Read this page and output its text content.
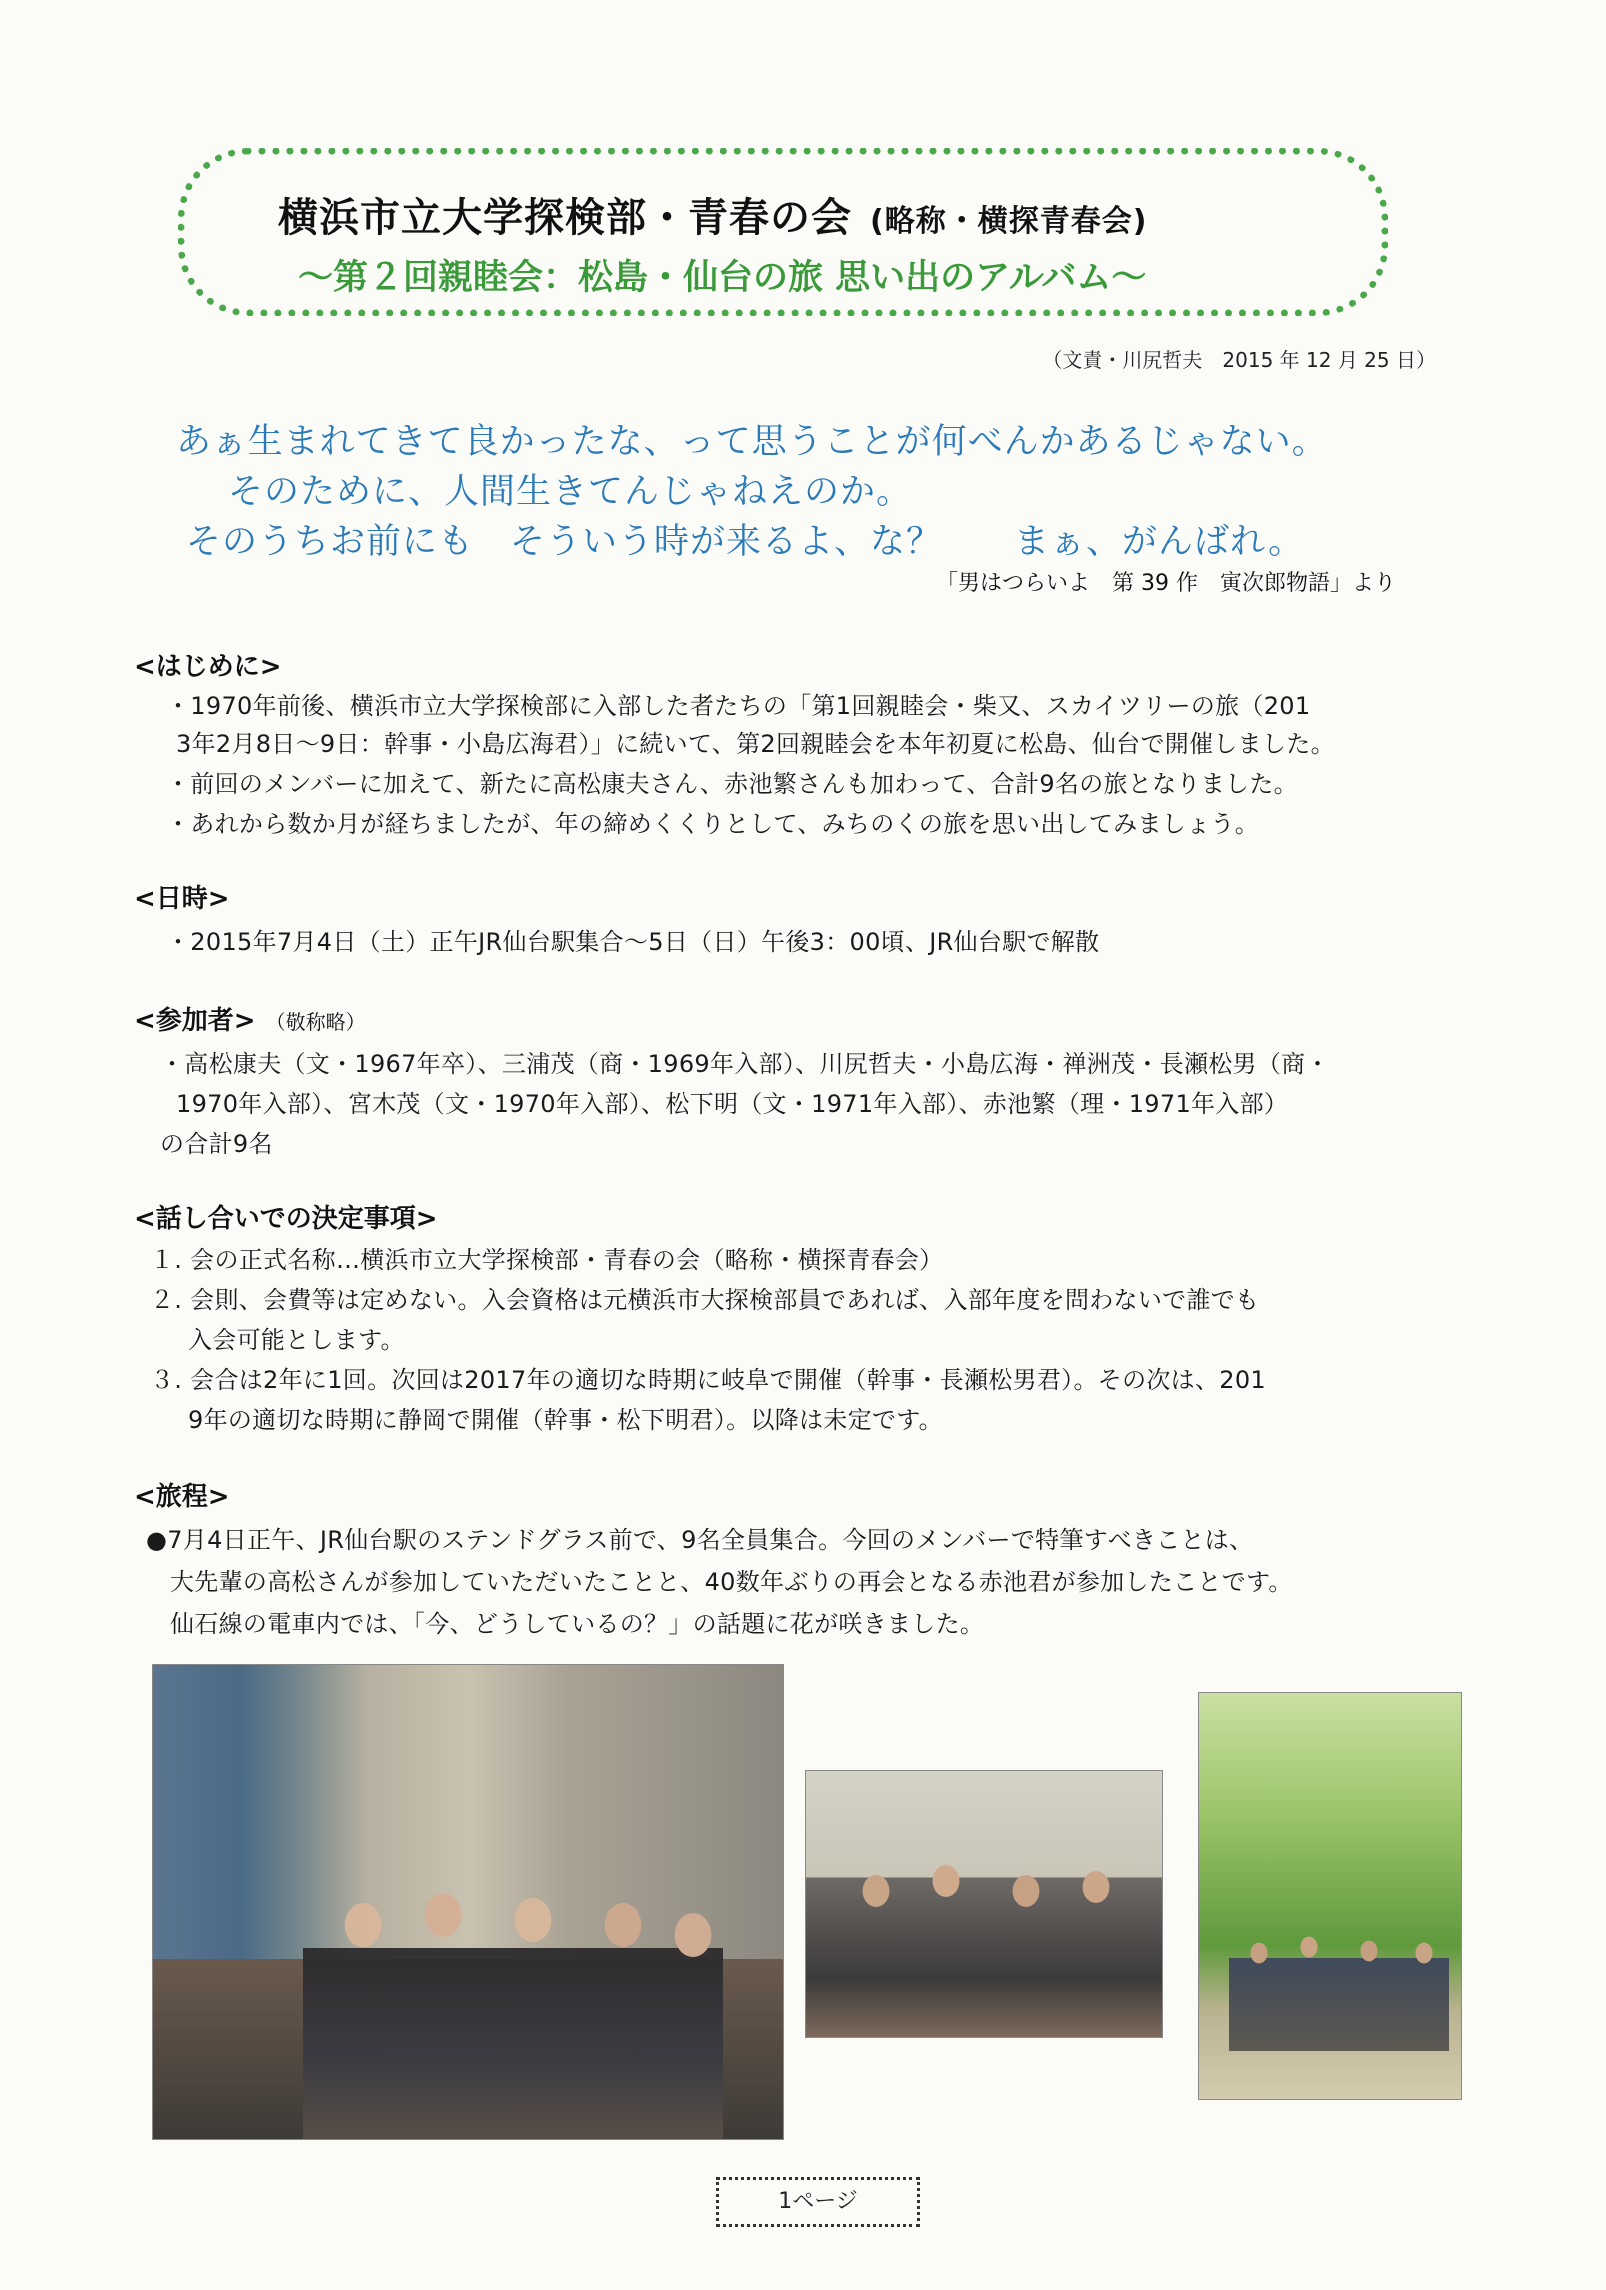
横浜市立大学探検部・青春の会 (略称・横探青春会)
～第２回親睦会：松島・仙台の旅 思い出のアルバム～
（文責・川尻哲夫　2015 年 12 月 25 日）
あぁ生まれてきて良かったな、って思うことが何べんかあるじゃない。
そのために、人間生きてんじゃねえのか。
そのうちお前にも　そういう時が来るよ、な？　　まぁ、がんばれ。
「男はつらいよ　第 39 作　寅次郎物語」より
<はじめに>
・1970年前後、横浜市立大学探検部に入部した者たちの「第1回親睦会・柴又、スカイツリーの旅（201
3年2月8日～9日：幹事・小島広海君）」に続いて、第2回親睦会を本年初夏に松島、仙台で開催しました。
・前回のメンバーに加えて、新たに高松康夫さん、赤池繁さんも加わって、合計9名の旅となりました。
・あれから数か月が経ちましたが、年の締めくくりとして、みちのくの旅を思い出してみましょう。
<日時>
・2015年7月4日（土）正午JR仙台駅集合～5日（日）午後3：00頃、JR仙台駅で解散
<参加者> （敬称略）
・高松康夫（文・1967年卒）、三浦茂（商・1969年入部）、川尻哲夫・小島広海・禅洲茂・長瀬松男（商・
1970年入部）、宮木茂（文・1970年入部）、松下明（文・1971年入部）、赤池繁（理・1971年入部）
の合計9名
<話し合いでの決定事項>
１. 会の正式名称…横浜市立大学探検部・青春の会（略称・横探青春会）
２. 会則、会費等は定めない。入会資格は元横浜市大探検部員であれば、入部年度を問わないで誰でも
入会可能とします。
３. 会合は2年に1回。次回は2017年の適切な時期に岐阜で開催（幹事・長瀬松男君）。その次は、201
9年の適切な時期に静岡で開催（幹事・松下明君）。以降は未定です。
<旅程>
●7月4日正午、JR仙台駅のステンドグラス前で、9名全員集合。今回のメンバーで特筆すべきことは、
大先輩の高松さんが参加していただいたことと、40数年ぶりの再会となる赤池君が参加したことです。
仙石線の電車内では、「今、どうしているの？」の話題に花が咲きました。
1ページ
